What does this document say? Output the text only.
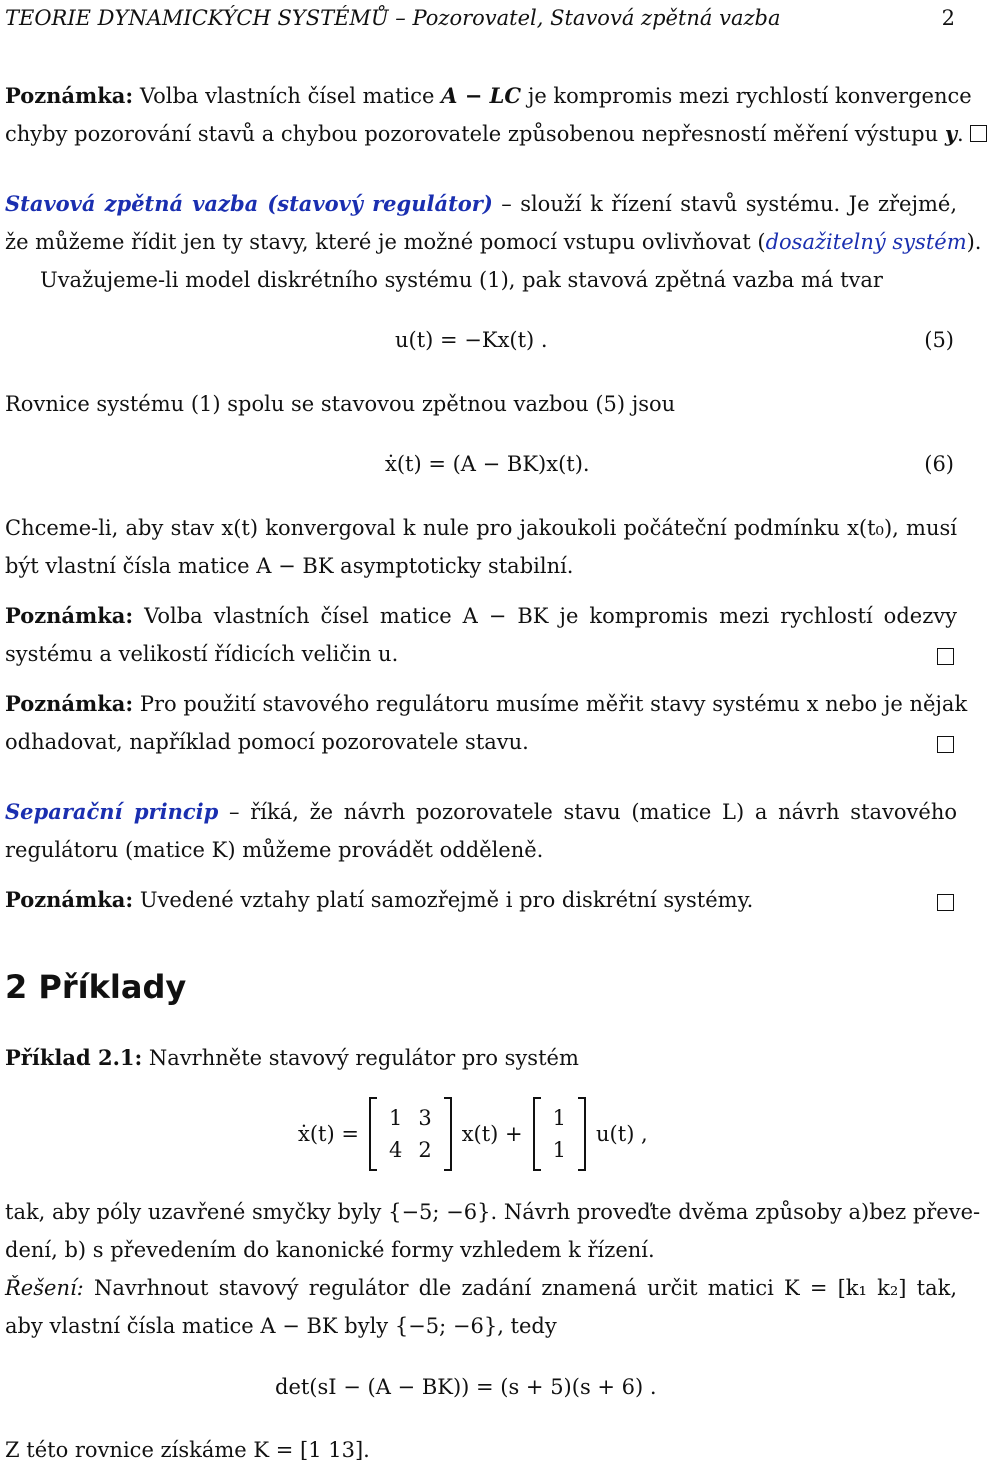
TEORIE DYNAMICKÝCH SYSTÉMŮ – Pozorovatel, Stavová zpětná vazba	2
Poznámka: Volba vlastních čísel matice A − LC je kompromis mezi rychlostí konvergence
chyby pozorování stavů a chybou pozorovatele způsobenou nepřesností měření výstupu y.
Stavová zpětná vazba (stavový regulátor) – slouží k řízení stavů systému. Je zřejmé,
že můžeme řídit jen ty stavy, které je možné pomocí vstupu ovlivňovat (dosažitelný systém).
Uvažujeme-li model diskrétního systému (1), pak stavová zpětná vazba má tvar
u(t) = −Kx(t) .	(5)
Rovnice systému (1) spolu se stavovou zpětnou vazbou (5) jsou
ẋ(t) = (A − BK)x(t).	(6)
Chceme-li, aby stav x(t) konvergoval k nule pro jakoukoli počáteční podmínku x(t₀), musí
být vlastní čísla matice A − BK asymptoticky stabilní.
Poznámka: Volba vlastních čísel matice A − BK je kompromis mezi rychlostí odezvy
systému a velikostí řídicích veličin u.
Poznámka: Pro použití stavového regulátoru musíme měřit stavy systému x nebo je nějak
odhadovat, například pomocí pozorovatele stavu.
Separační princip – říká, že návrh pozorovatele stavu (matice L) a návrh stavového
regulátoru (matice K) můžeme provádět odděleně.
Poznámka: Uvedené vztahy platí samozřejmě i pro diskrétní systémy.
2 Příklady
Příklad 2.1: Navrhněte stavový regulátor pro systém
ẋ(t) =
1	3
4	2
x(t) +
1
1
u(t) ,
tak, aby póly uzavřené smyčky byly {−5; −6}. Návrh proveďte dvěma způsoby a)bez převe-
dení, b) s převedením do kanonické formy vzhledem k řízení.
Řešení: Navrhnout stavový regulátor dle zadání znamená určit matici K = [k₁ k₂] tak,
aby vlastní čísla matice A − BK byly {−5; −6}, tedy
det(sI − (A − BK)) = (s + 5)(s + 6) .
Z této rovnice získáme K = [1 13].
